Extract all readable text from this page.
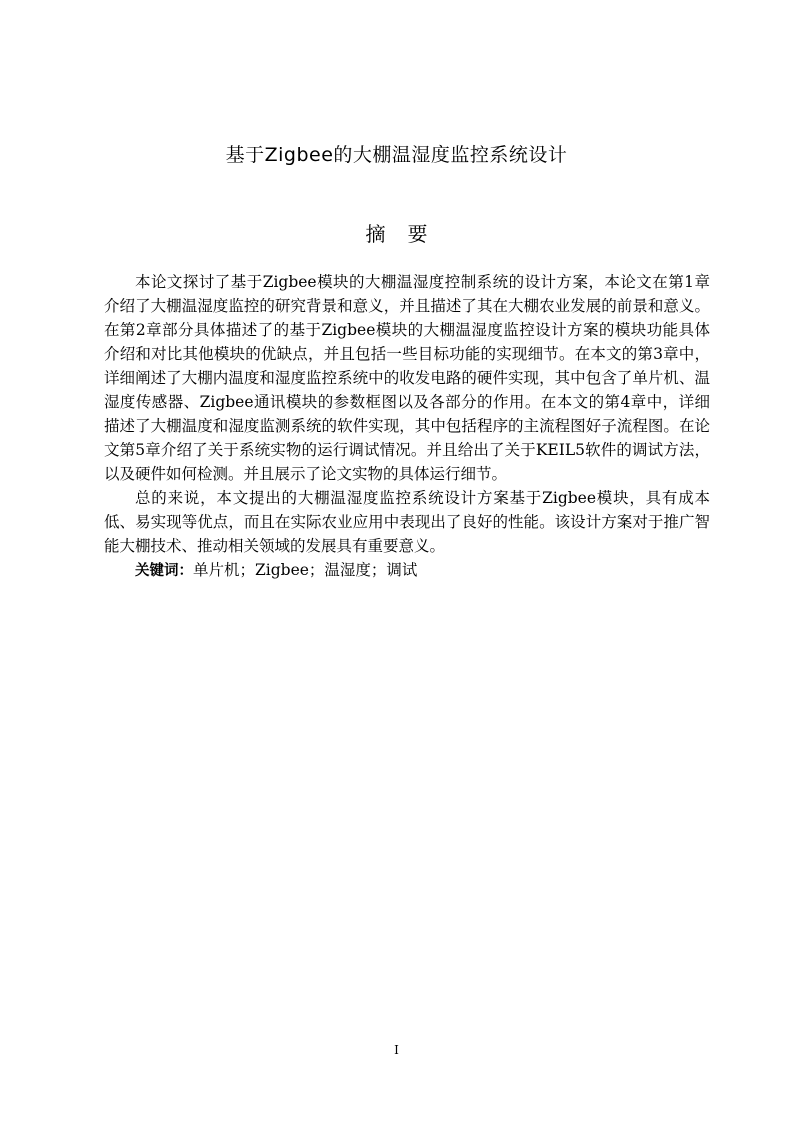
基于Zigbee的大棚温湿度监控系统设计
摘要

本论文探讨了基于Zigbee模块的大棚温湿度控制系统的设计方案，本论文在第1章介绍了大棚温湿度监控的研究背景和意义，并且描述了其在大棚农业发展的前景和意义。在第2章部分具体描述了的基于Zigbee模块的大棚温湿度监控设计方案的模块功能具体介绍和对比其他模块的优缺点，并且包括一些目标功能的实现细节。在本文的第3章中，详细阐述了大棚内温度和湿度监控系统中的收发电路的硬件实现，其中包含了单片机、温湿度传感器、Zigbee通讯模块的参数框图以及各部分的作用。在本文的第4章中，详细描述了大棚温度和湿度监测系统的软件实现，其中包括程序的主流程图好子流程图。在论文第5章介绍了关于系统实物的运行调试情况。并且给出了关于KEIL5软件的调试方法，以及硬件如何检测。并且展示了论文实物的具体运行细节。

总的来说，本文提出的大棚温湿度监控系统设计方案基于Zigbee模块，具有成本低、易实现等优点，而且在实际农业应用中表现出了良好的性能。该设计方案对于推广智能大棚技术、推动相关领域的发展具有重要意义。

关键词：单片机；Zigbee；温湿度；调试

I
